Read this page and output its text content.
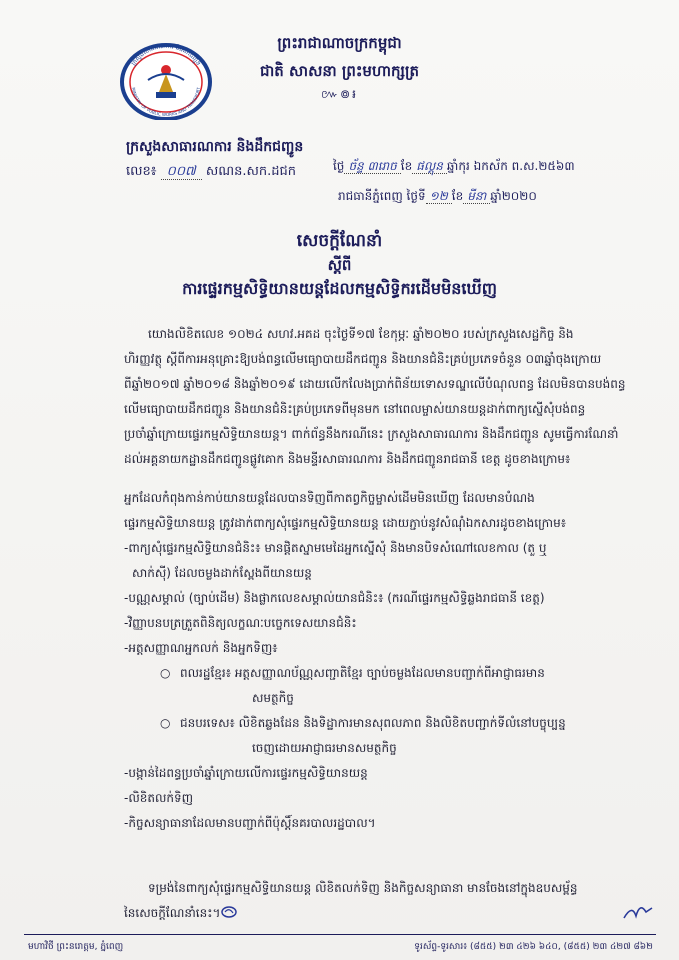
ព្រះរាជាណាចក្រកម្ពុជា
ជាតិ សាសនា ព្រះមហាក្សត្រ
៚៙៛
ក្រសួងសាធារណការ និងដឹកជញ្ជូន
MINISTRY OF PUBLIC WORKS AND TRANSPORT
ក្រសួងសាធារណការ និងដឹកជញ្ជូន
លេខ៖ ០០៧ សណន.សក.ដជក	ថ្ងៃ ច័ន្ទ ៣រោច ខែ ផល្គុន ឆ្នាំកុរ ឯកស័ក ព.ស.២៥៦៣
រាជធានីភ្នំពេញ ថ្ងៃទី ១២ ខែ មីនា ឆ្នាំ២០២០
សេចក្តីណែនាំ
ស្តីពី
ការផ្ទេរកម្មសិទ្ធិយានយន្តដែលកម្មសិទ្ធិករដើមមិនឃើញ
យោងលិខិតលេខ ១០២៤ សហវ.អគដ ចុះថ្ងៃទី១៧ ខែកុម្ភៈ ឆ្នាំ២០២០ របស់ក្រសួងសេដ្ឋកិច្ច និង
ហិរញ្ញវត្ថុ ស្តីពីការអនុគ្រោះឱ្យបង់ពន្ធលើមធ្យោបាយដឹកជញ្ជូន និងយានជំនិះគ្រប់ប្រភេទចំនួន ០៣ឆ្នាំចុងក្រោយ
ពីឆ្នាំ២០១៧ ឆ្នាំ២០១៨ និងឆ្នាំ២០១៩ ដោយលើកលែងប្រាក់ពិន័យទោសទណ្ឌលើបំណុលពន្ធ ដែលមិនបានបង់ពន្ធ
លើមធ្យោបាយដឹកជញ្ជូន និងយានជំនិះគ្រប់ប្រភេទពីមុនមក នៅពេលម្ចាស់យានយន្តដាក់ពាក្យស្នើសុំបង់ពន្ធ
ប្រចាំឆ្នាំក្រោយផ្ទេរកម្មសិទ្ធិយានយន្ត។ ពាក់ព័ន្ធនឹងករណីនេះ ក្រសួងសាធារណការ និងដឹកជញ្ជូន សូមធ្វើការណែនាំ
ដល់អគ្គនាយកដ្ឋានដឹកជញ្ជូនផ្លូវគោក និងមន្ទីរសាធារណការ និងដឹកជញ្ជូនរាជធានី ខេត្ត ដូចខាងក្រោម៖
អ្នកដែលកំពុងកាន់កាប់យានយន្តដែលបានទិញពីកាតព្វកិច្ចម្ចាស់ដើមមិនឃើញ ដែលមានបំណង
ផ្ទេរកម្មសិទ្ធិយានយន្ត ត្រូវដាក់ពាក្យសុំផ្ទេរកម្មសិទ្ធិយានយន្ត ដោយភ្ជាប់នូវសំណុំឯកសារដូចខាងក្រោម៖
-ពាក្យសុំផ្ទេរកម្មសិទ្ធិយានជំនិះ៖ មានផ្តិតស្នាមមេដៃអ្នកស្នើសុំ និងមានបិទសំណៅលេខកាល (តួ ឬ
សាក់ស៊ី) ដែលចម្លងដាក់ស្ពែងពីយានយន្ត
-បណ្ណសម្គាល់ (ច្បាប់ដើម) និងផ្លាកលេខសម្គាល់យានជំនិះ៖ (ករណីផ្ទេរកម្មសិទ្ធិឆ្លងរាជធានី ខេត្ត)
-វិញ្ញាបនបត្រត្រួតពិនិត្យលក្ខណៈបច្ចេកទេសយានជំនិះ
-អត្តសញ្ញាណអ្នកលក់ និងអ្នកទិញ៖
○ ពលរដ្ឋខ្មែរ៖ អត្តសញ្ញាណប័ណ្ណសញ្ជាតិខ្មែរ ច្បាប់ចម្លងដែលមានបញ្ជាក់ពីអាជ្ញាធរមាន
សមត្ថកិច្ច
○ ជនបរទេស៖ លិខិតឆ្លងដែន និងទិដ្ឋាការមានសុពលភាព និងលិខិតបញ្ជាក់ទីលំនៅបច្ចុប្បន្ន
ចេញដោយអាជ្ញាធរមានសមត្ថកិច្ច
-បង្កាន់ដៃពន្ធប្រចាំឆ្នាំក្រោយលើការផ្ទេរកម្មសិទ្ធិយានយន្ត
-លិខិតលក់ទិញ
-កិច្ចសន្យាធានាដែលមានបញ្ជាក់ពីប៉ុស្តិ៍នគរបាលរដ្ឋបាល។
ទម្រង់នៃពាក្យសុំផ្ទេរកម្មសិទ្ធិយានយន្ត លិខិតលក់ទិញ និងកិច្ចសន្យាធានា មានចែងនៅក្នុងឧបសម្ព័ន្ធ
នៃសេចក្តីណែនាំនេះ។
មហាវិថី ព្រះនរោត្តម, ភ្នំពេញ	ទូរស័ព្ទ-ទូរសារ៖ (៨៥៥) ២៣ ៤២៦ ៦៤០, (៨៥៥) ២៣ ៤២៧ ៨៦២
